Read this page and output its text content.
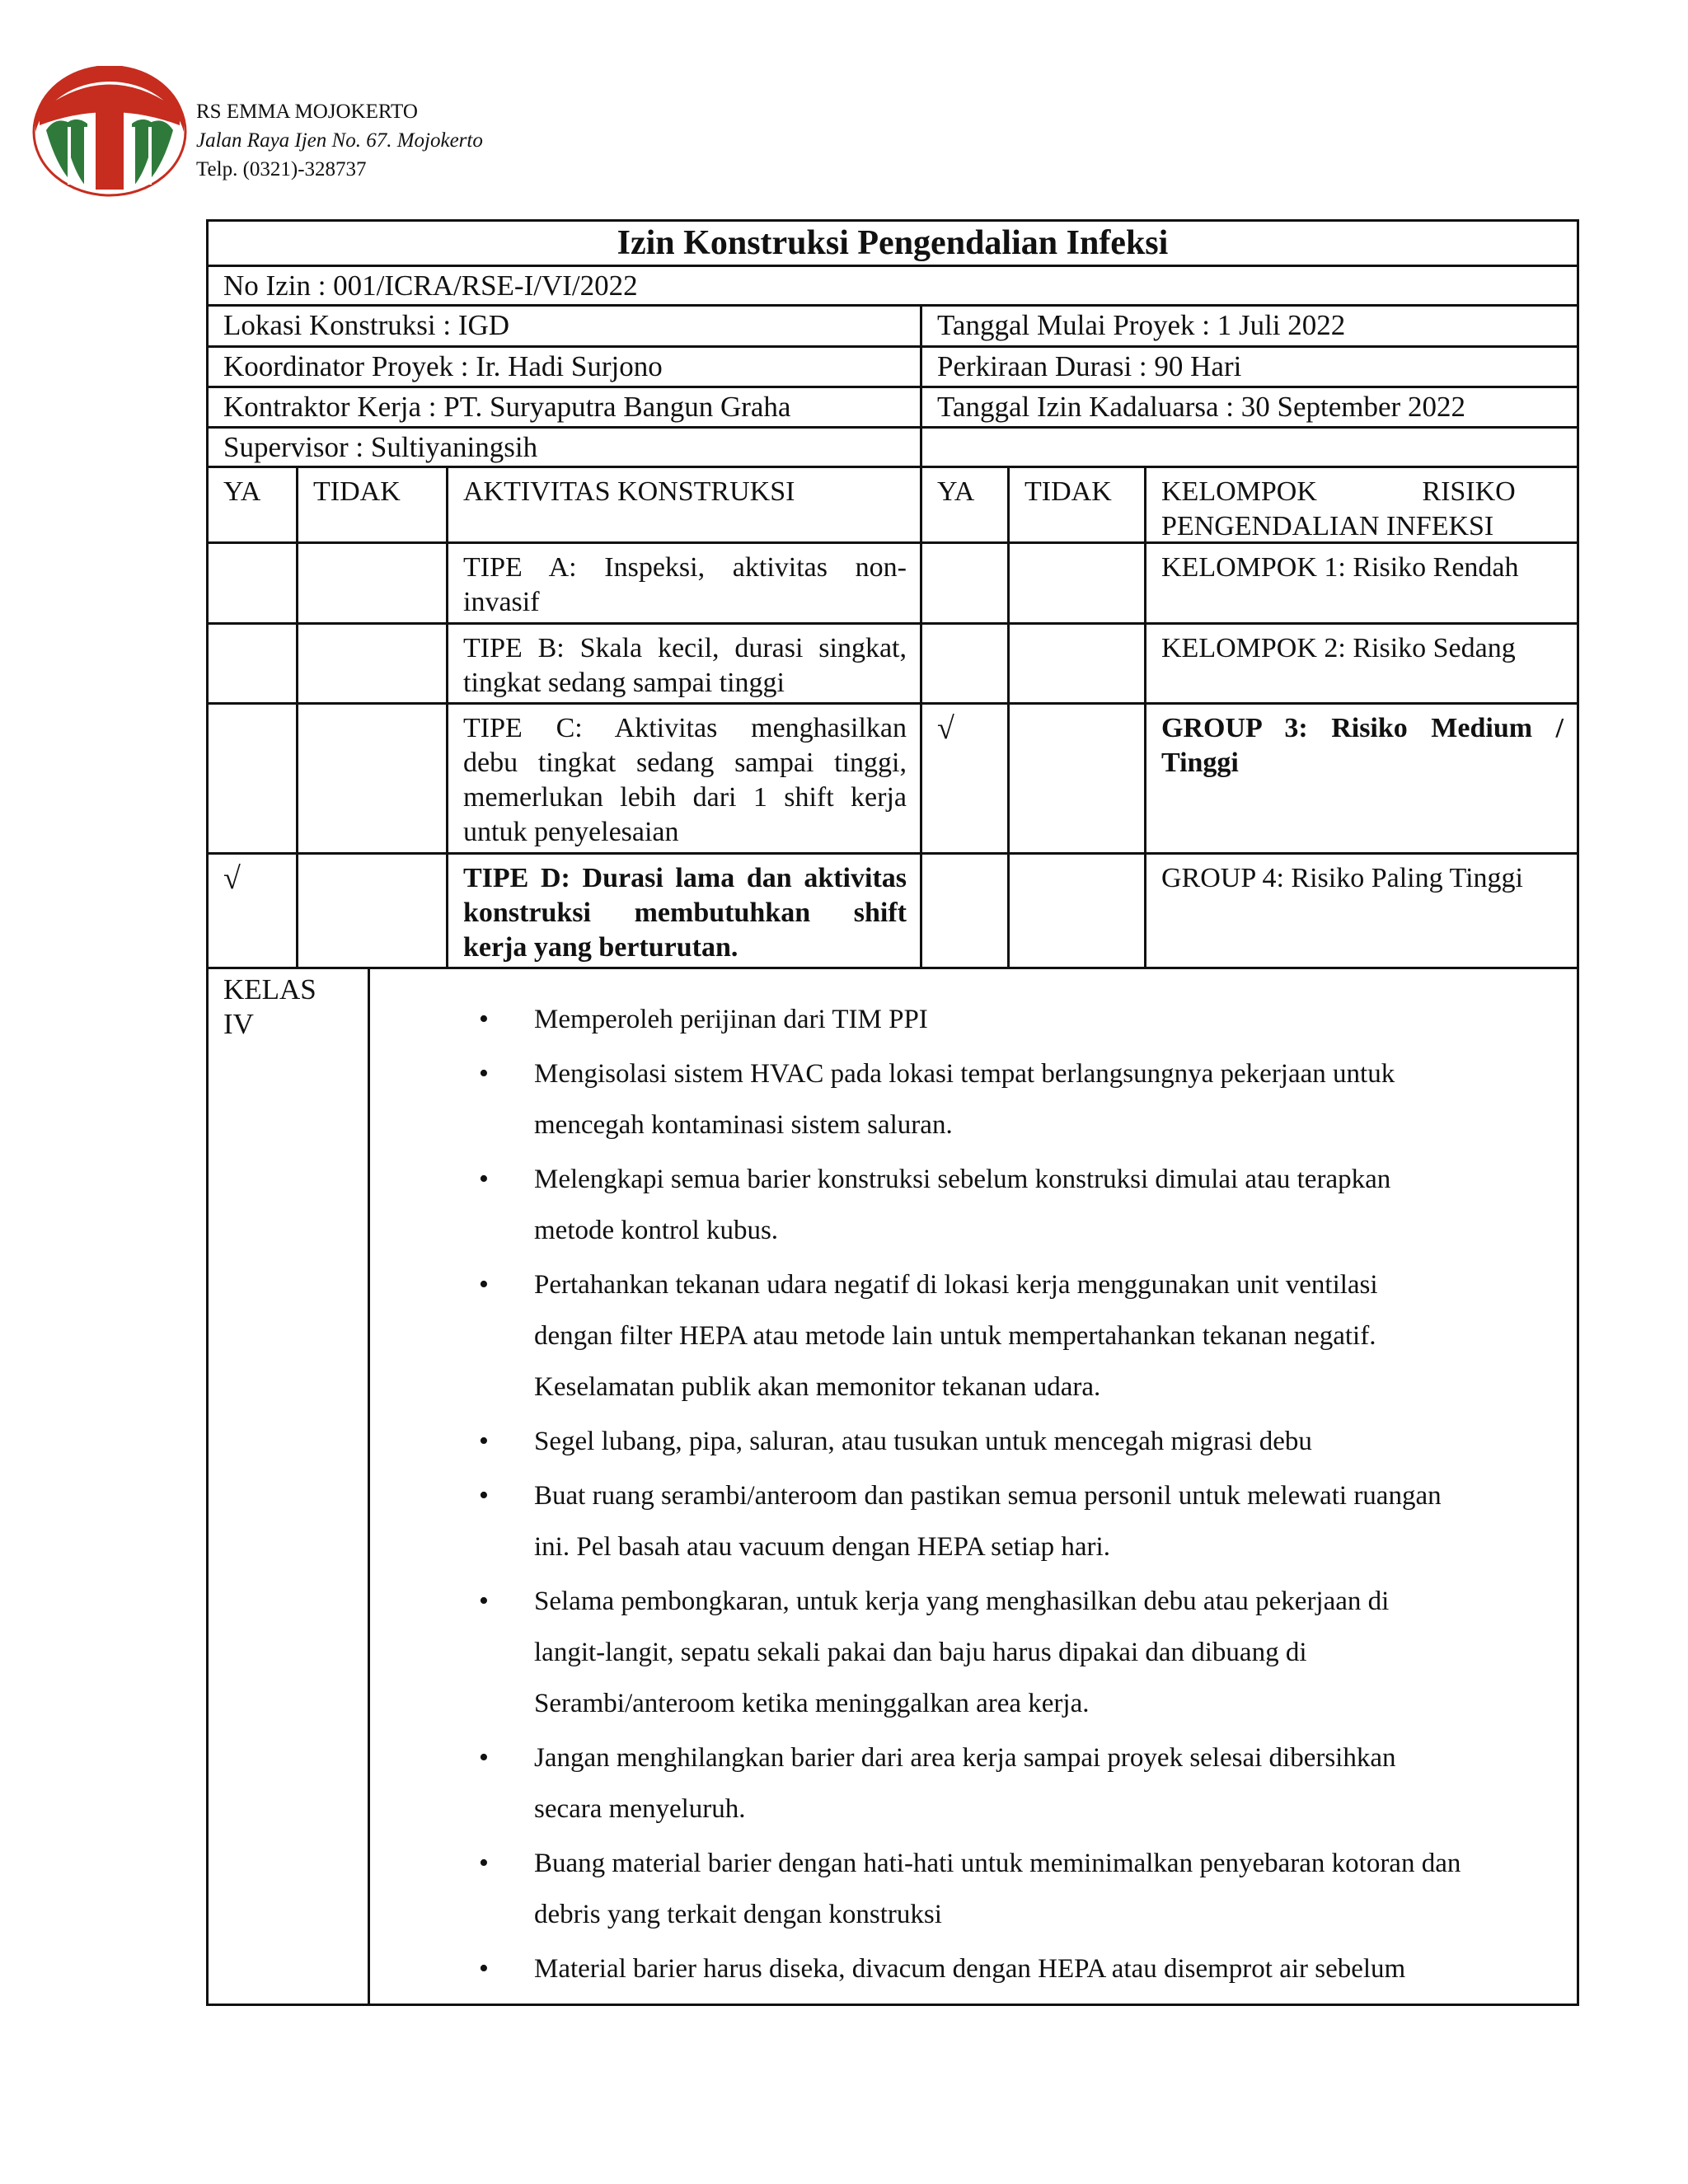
RS EMMA MOJOKERTO
Jalan Raya Ijen No. 67. Mojokerto
Telp. (0321)-328737
Izin Konstruksi Pengendalian Infeksi
No Izin : 001/ICRA/RSE-I/VI/2022
Lokasi Konstruksi : IGD	Tanggal Mulai Proyek : 1 Juli 2022
Koordinator Proyek : Ir. Hadi Surjono	Perkiraan Durasi : 90 Hari
Kontraktor Kerja : PT. Suryaputra Bangun Graha	Tanggal Izin Kadaluarsa : 30 September 2022
Supervisor : Sultiyaningsih
YA	TIDAK	AKTIVITAS KONSTRUKSI	YA	TIDAK	KELOMPOK               RISIKO
PENGENDALIAN INFEKSI
TIPE A: Inspeksi, aktivitas non-
invasif
KELOMPOK 1: Risiko Rendah
TIPE B: Skala kecil, durasi singkat,
tingkat sedang sampai tinggi
KELOMPOK 2: Risiko Sedang
TIPE C: Aktivitas menghasilkan
debu tingkat sedang sampai tinggi,
memerlukan lebih dari 1 shift kerja
untuk penyelesaian
√	GROUP 3: Risiko Medium /
Tinggi
√	TIPE D: Durasi lama dan aktivitas
konstruksi membutuhkan shift
kerja yang berturutan.
GROUP 4: Risiko Paling Tinggi
KELAS
IV
•	Memperoleh perijinan dari TIM PPI
• Mengisolasi sistem HVAC pada lokasi tempat berlangsungnya pekerjaan untuk
mencegah kontaminasi sistem saluran.
• Melengkapi semua barier konstruksi sebelum konstruksi dimulai atau terapkan
metode kontrol kubus.
• Pertahankan tekanan udara negatif di lokasi kerja menggunakan unit ventilasi
dengan filter HEPA atau metode lain untuk mempertahankan tekanan negatif.
Keselamatan publik akan memonitor tekanan udara.
• Segel lubang, pipa, saluran, atau tusukan untuk mencegah migrasi debu
• Buat ruang serambi/anteroom dan pastikan semua personil untuk melewati ruangan
ini. Pel basah atau vacuum dengan HEPA setiap hari.
• Selama pembongkaran, untuk kerja yang menghasilkan debu atau pekerjaan di
langit-langit, sepatu sekali pakai dan baju harus dipakai dan dibuang di
Serambi/anteroom ketika meninggalkan area kerja.
• Jangan menghilangkan barier dari area kerja sampai proyek selesai dibersihkan
secara menyeluruh.
• Buang material barier dengan hati-hati untuk meminimalkan penyebaran kotoran dan
debris yang terkait dengan konstruksi
• Material barier harus diseka, divacum dengan HEPA atau disemprot air sebelum
